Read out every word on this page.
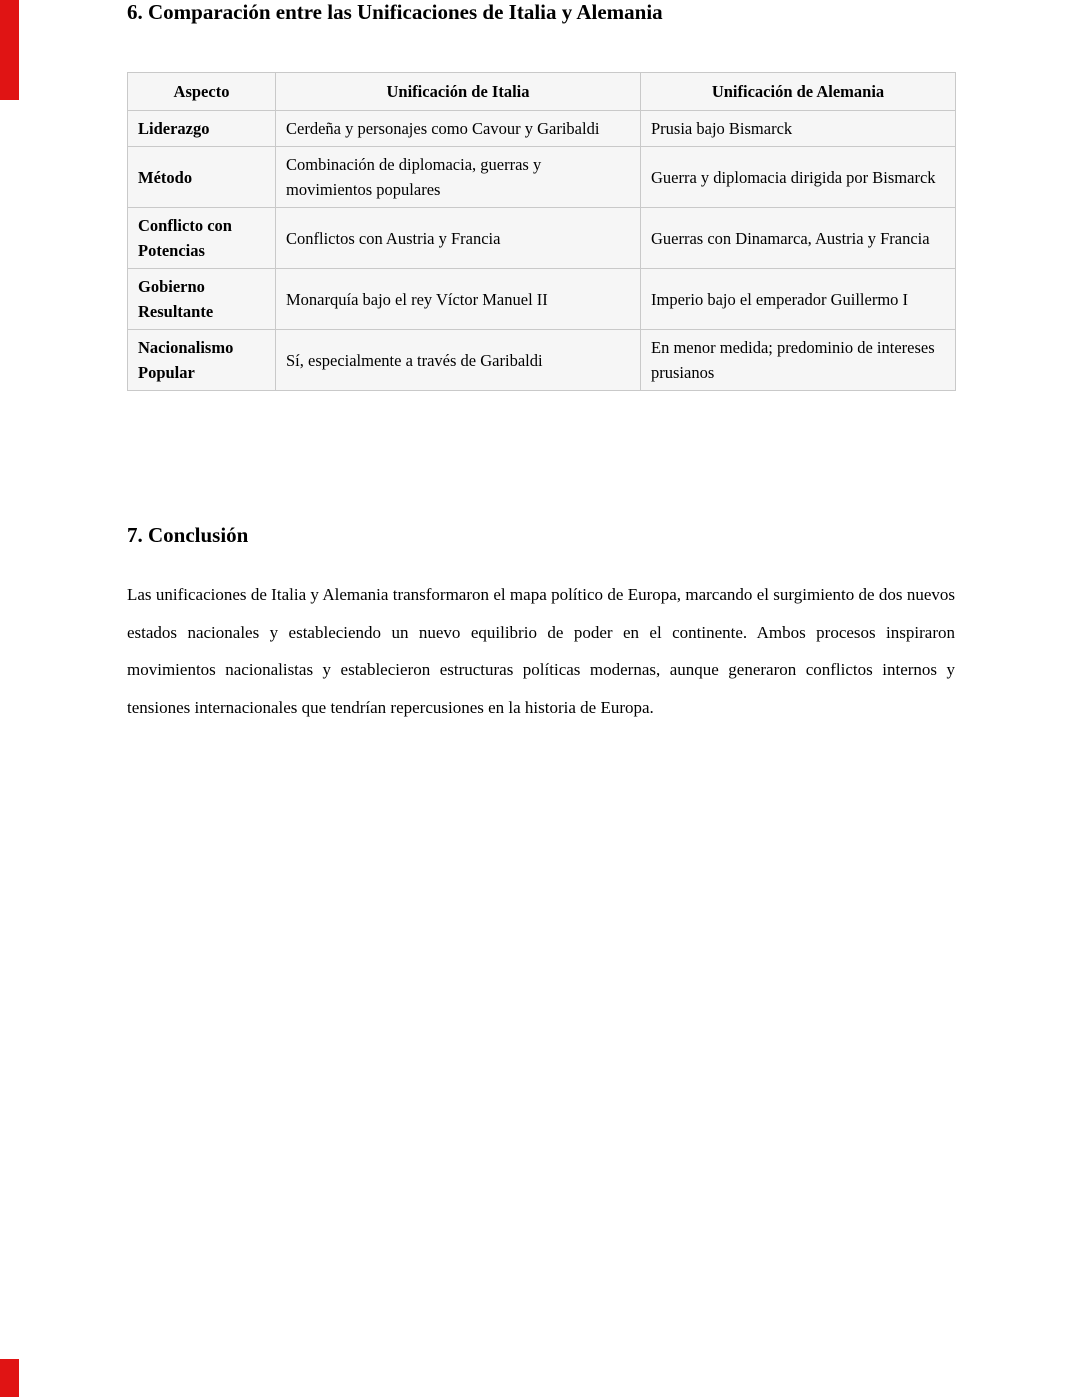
6. Comparación entre las Unificaciones de Italia y Alemania
Aspecto	Unificación de Italia	Unificación de Alemania
Liderazgo	Cerdeña y personajes como Cavour y Garibaldi	Prusia bajo Bismarck
Método	Combinación de diplomacia, guerras y movimientos populares	Guerra y diplomacia dirigida por Bismarck
Conflicto con Potencias	Conflictos con Austria y Francia	Guerras con Dinamarca, Austria y Francia
Gobierno Resultante	Monarquía bajo el rey Víctor Manuel II	Imperio bajo el emperador Guillermo I
Nacionalismo Popular	Sí, especialmente a través de Garibaldi	En menor medida; predominio de intereses prusianos
7. Conclusión

Las unificaciones de Italia y Alemania transformaron el mapa político de Europa, marcando el surgimiento de dos nuevos estados nacionales y estableciendo un nuevo equilibrio de poder en el continente. Ambos procesos inspiraron movimientos nacionalistas y establecieron estructuras políticas modernas, aunque generaron conflictos internos y tensiones internacionales que tendrían repercusiones en la historia de Europa.
